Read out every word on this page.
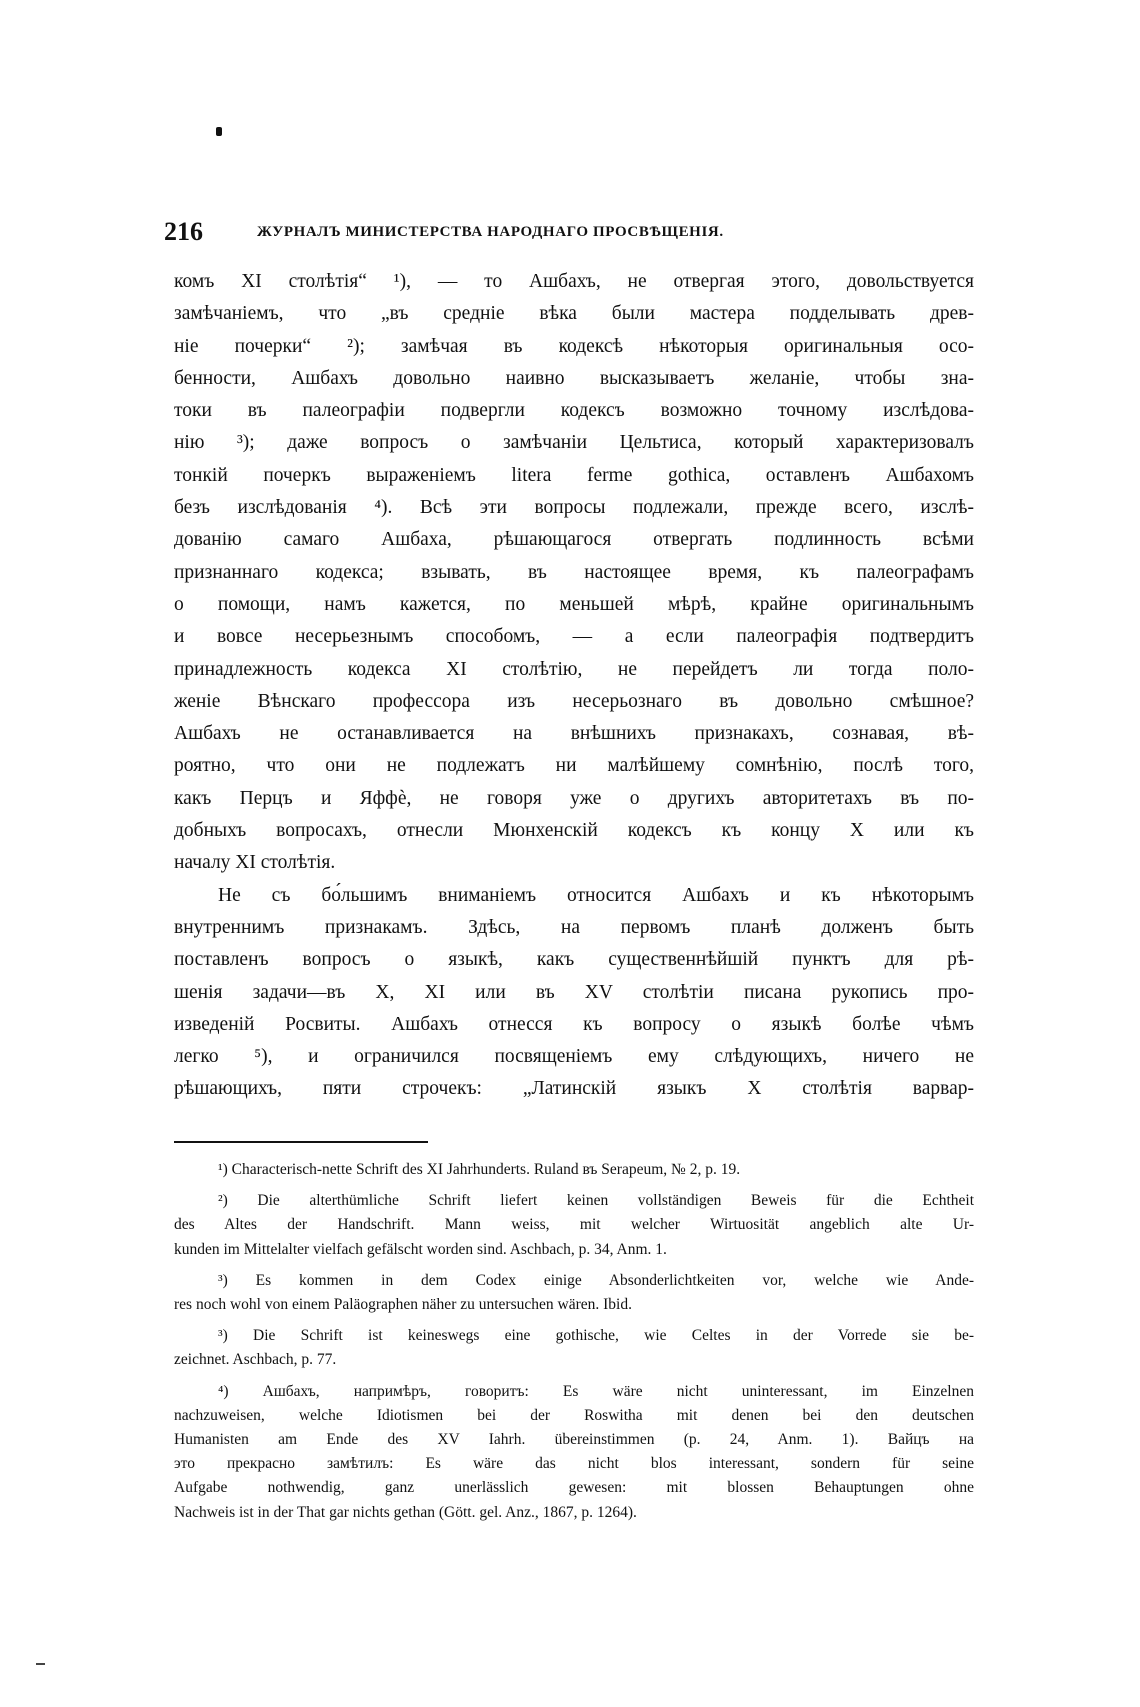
216	ЖУРНАЛЪ МИНИСТЕРСТВА НАРОДНАГО ПРОСВѢЩЕНІЯ.
комъ XI столѣтія“ ¹), — то Ашбахъ, не отвергая этого, довольствуется
замѣчаніемъ, что „въ средніе вѣка были мастера подделывать древ-
ніе почерки“ ²); замѣчая въ кодексѣ нѣкоторыя оригинальныя осо-
бенности, Ашбахъ довольно наивно высказываетъ желаніе, чтобы зна-
токи въ палеографіи подвергли кодексъ возможно точному изслѣдова-
нію ³); даже вопросъ о замѣчаніи Цельтиса, который характеризовалъ
тонкій почеркъ выраженіемъ litera ferme gothica, оставленъ Ашбахомъ
безъ изслѣдованія ⁴). Всѣ эти вопросы подлежали, прежде всего, изслѣ-
дованію самаго Ашбаха, рѣшающагося отвергать подлинность всѣми
признаннаго кодекса; взывать, въ настоящее время, къ палеографамъ
о помощи, намъ кажется, по меньшей мѣрѣ, крайне оригинальнымъ
и вовсе несерьезнымъ способомъ, — а если палеографія подтвердитъ
принадлежность кодекса XI столѣтію, не перейдетъ ли тогда поло-
женіе Вѣнскаго профессора изъ несерьознаго въ довольно смѣшное?
Ашбахъ не останавливается на внѣшнихъ признакахъ, сознавая, вѣ-
роятно, что они не подлежатъ ни малѣйшему сомнѣнію, послѣ того,
какъ Перцъ и Яффѐ, не говоря уже о другихъ авторитетахъ въ по-
добныхъ вопросахъ, отнесли Мюнхенскій кодексъ къ концу X или къ
началу XI столѣтія.
Не съ бо́льшимъ вниманіемъ относится Ашбахъ и къ нѣкоторымъ
внутреннимъ признакамъ. Здѣсь, на первомъ планѣ долженъ быть
поставленъ вопросъ о языкѣ, какъ существеннѣйшій пунктъ для рѣ-
шенія задачи—въ X, XI или въ XV столѣтіи писана рукопись про-
изведеній Росвиты. Ашбахъ отнесся къ вопросу о языкѣ болѣе чѣмъ
легко ⁵), и ограничился посвященіемъ ему слѣдующихъ, ничего не
рѣшающихъ, пяти строчекъ: „Латинскій языкъ X столѣтія варвар-
¹) Characterisch-nette Schrift des XI Jahrhunderts. Ruland въ Serapeum, № 2, p. 19.
²) Die alterthümliche Schrift liefert keinen vollständigen Beweis für die Echtheit
des Altes der Handschrift. Mann weiss, mit welcher Wirtuosität angeblich alte Ur-
kunden im Mittelalter vielfach gefälscht worden sind. Aschbach, p. 34, Anm. 1.
³) Es kommen in dem Codex einige Absonderlichtkeiten vor, welche wie Ande-
res noch wohl von einem Paläographen näher zu untersuchen wären. Ibid.
³) Die Schrift ist keineswegs eine gothische, wie Celtes in der Vorrede sie be-
zeichnet. Aschbach, p. 77.
⁴) Ашбахъ, напримѣръ, говоритъ: Es wäre nicht uninteressant, im Einzelnen
nachzuweisen, welche Idiotismen bei der Roswitha mit denen bei den deutschen
Humanisten am Ende des XV Iahrh. übereinstimmen (p. 24, Anm. 1). Вайцъ на
это прекрасно замѣтилъ: Es wäre das nicht blos interessant, sondern für seine
Aufgabe nothwendig, ganz unerlässlich gewesen: mit blossen Behauptungen ohne
Nachweis ist in der That gar nichts gethan (Gött. gel. Anz., 1867, p. 1264).
